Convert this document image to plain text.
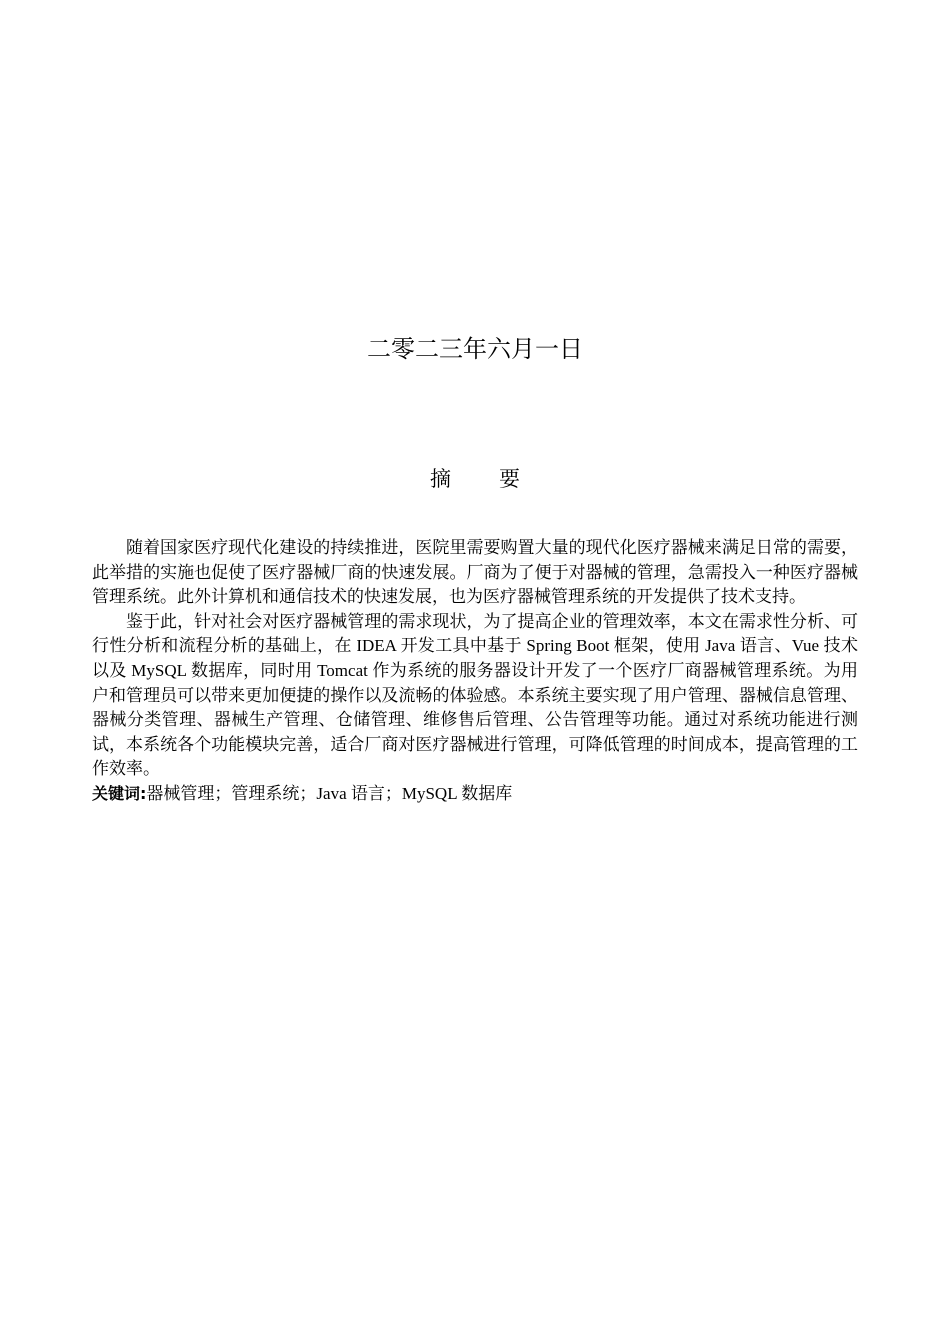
二零二三年六月一日
摘 要

随着国家医疗现代化建设的持续推进，医院里需要购置大量的现代化医疗器械来满足日常的需要，此举措的实施也促使了医疗器械厂商的快速发展。厂商为了便于对器械的管理，急需投入一种医疗器械管理系统。此外计算机和通信技术的快速发展，也为医疗器械管理系统的开发提供了技术支持。

鉴于此，针对社会对医疗器械管理的需求现状，为了提高企业的管理效率，本文在需求性分析、可行性分析和流程分析的基础上，在 IDEA 开发工具中基于 Spring Boot 框架，使用 Java 语言、Vue 技术以及 MySQL 数据库，同时用 Tomcat 作为系统的服务器设计开发了一个医疗厂商器械管理系统。为用户和管理员可以带来更加便捷的操作以及流畅的体验感。本系统主要实现了用户管理、器械信息管理、器械分类管理、器械生产管理、仓储管理、维修售后管理、公告管理等功能。通过对系统功能进行测试，本系统各个功能模块完善，适合厂商对医疗器械进行管理，可降低管理的时间成本，提高管理的工作效率。

关键词:器械管理；管理系统；Java 语言；MySQL 数据库
